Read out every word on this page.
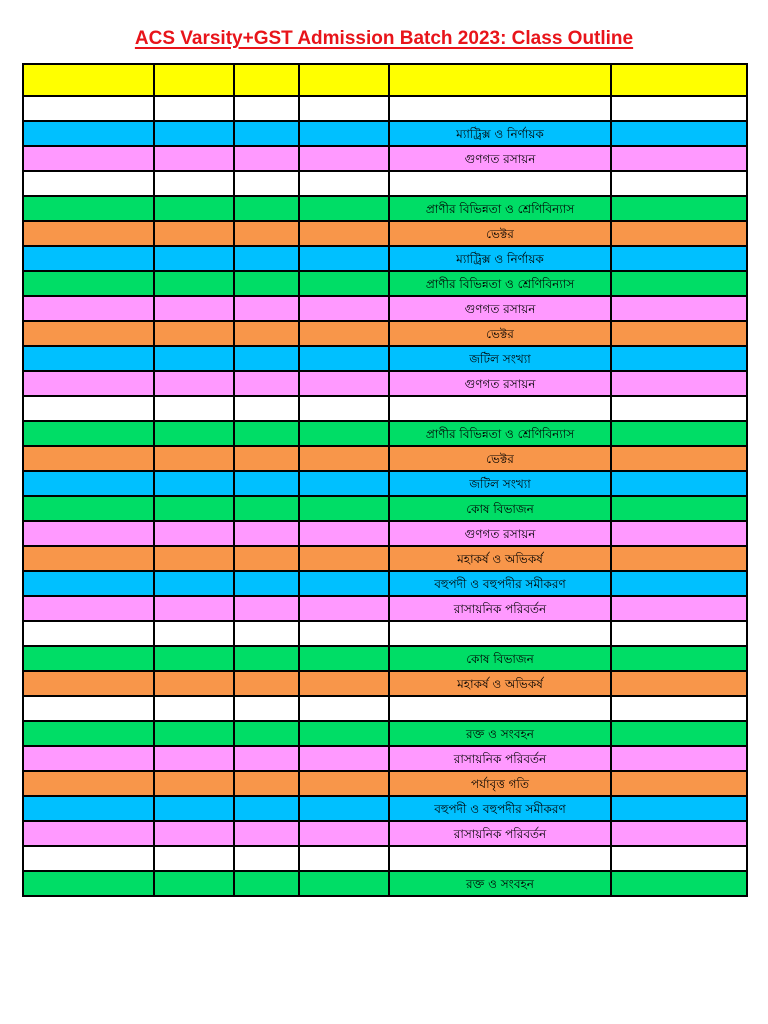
ACS Varsity+GST Admission Batch 2023: Class Outline

				ম্যাট্রিক্স ও নির্ণায়ক	
				গুণগত রসায়ন	

				প্রাণীর বিভিন্নতা ও শ্রেণিবিন্যাস	
				ভেক্টর	
				ম্যাট্রিক্স ও নির্ণায়ক	
				প্রাণীর বিভিন্নতা ও শ্রেণিবিন্যাস	
				গুণগত রসায়ন	
				ভেক্টর	
				জটিল সংখ্যা	
				গুণগত রসায়ন	

				প্রাণীর বিভিন্নতা ও শ্রেণিবিন্যাস	
				ভেক্টর	
				জটিল সংখ্যা	
				কোষ বিভাজন	
				গুণগত রসায়ন	
				মহাকর্ষ ও অভিকর্ষ	
				বহুপদী ও বহুপদীর সমীকরণ	
				রাসায়নিক পরিবর্তন	

				কোষ বিভাজন	
				মহাকর্ষ ও অভিকর্ষ	

				রক্ত ও সংবহন	
				রাসায়নিক পরিবর্তন	
				পর্যাবৃত্ত গতি	
				বহুপদী ও বহুপদীর সমীকরণ	
				রাসায়নিক পরিবর্তন	

				রক্ত ও সংবহন	
